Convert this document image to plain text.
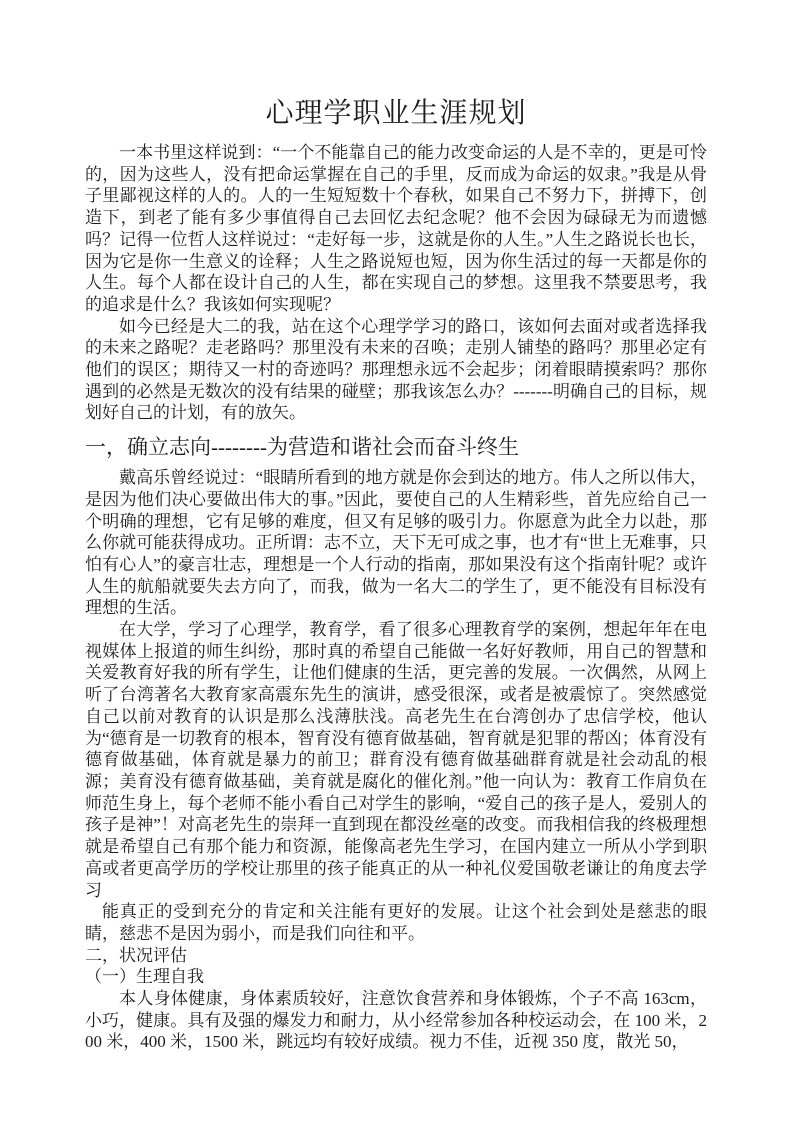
心理学职业生涯规划

一本书里这样说到：“一个不能靠自己的能力改变命运的人是不幸的，更是可怜的，因为这些人，没有把命运掌握在自己的手里，反而成为命运的奴隶。”我是从骨子里鄙视这样的人的。人的一生短短数十个春秋，如果自己不努力下，拼搏下，创造下，到老了能有多少事值得自己去回忆去纪念呢？他不会因为碌碌无为而遗憾吗？记得一位哲人这样说过：“走好每一步，这就是你的人生。”人生之路说长也长，因为它是你一生意义的诠释；人生之路说短也短，因为你生活过的每一天都是你的人生。每个人都在设计自己的人生，都在实现自己的梦想。这里我不禁要思考，我的追求是什么？我该如何实现呢？

如今已经是大二的我，站在这个心理学学习的路口，该如何去面对或者选择我的未来之路呢？走老路吗？那里没有未来的召唤；走别人铺垫的路吗？那里必定有他们的误区；期待又一村的奇迹吗？那理想永远不会起步；闭着眼睛摸索吗？那你遇到的必然是无数次的没有结果的碰壁；那我该怎么办？-------明确自己的目标，规划好自己的计划，有的放矢。

一，确立志向--------为营造和谐社会而奋斗终生

戴高乐曾经说过：“眼睛所看到的地方就是你会到达的地方。伟人之所以伟大，是因为他们决心要做出伟大的事。”因此，要使自己的人生精彩些，首先应给自己一个明确的理想，它有足够的难度，但又有足够的吸引力。你愿意为此全力以赴，那么你就可能获得成功。正所谓：志不立，天下无可成之事，也才有“世上无难事，只怕有心人”的豪言壮志，理想是一个人行动的指南，那如果没有这个指南针呢？或许人生的航船就要失去方向了，而我，做为一名大二的学生了，更不能没有目标没有理想的生活。

在大学，学习了心理学，教育学，看了很多心理教育学的案例，想起年年在电视媒体上报道的师生纠纷，那时真的希望自己能做一名好好教师，用自己的智慧和关爱教育好我的所有学生，让他们健康的生活，更完善的发展。一次偶然，从网上听了台湾著名大教育家高震东先生的演讲，感受很深，或者是被震惊了。突然感觉自己以前对教育的认识是那么浅薄肤浅。高老先生在台湾创办了忠信学校，他认为“德育是一切教育的根本，智育没有德育做基础，智育就是犯罪的帮凶；体育没有德育做基础，体育就是暴力的前卫；群育没有德育做基础群育就是社会动乱的根源；美育没有德育做基础，美育就是腐化的催化剂。”他一向认为：教育工作肩负在师范生身上，每个老师不能小看自己对学生的影响，“爱自己的孩子是人，爱别人的孩子是神”！对高老先生的崇拜一直到现在都没丝毫的改变。而我相信我的终极理想就是希望自己有那个能力和资源，能像高老先生学习，在国内建立一所从小学到职高或者更高学历的学校让那里的孩子能真正的从一种礼仪爱国敬老谦让的角度去学习

能真正的受到充分的肯定和关注能有更好的发展。让这个社会到处是慈悲的眼睛，慈悲不是因为弱小，而是我们向往和平。

二，状况评估

（一）生理自我

本人身体健康，身体素质较好，注意饮食营养和身体锻炼，个子不高 163cm，小巧，健康。具有及强的爆发力和耐力，从小经常参加各种校运动会，在 100 米，200 米，400 米，1500 米，跳远均有较好成绩。视力不佳，近视 350 度，散光 50，
